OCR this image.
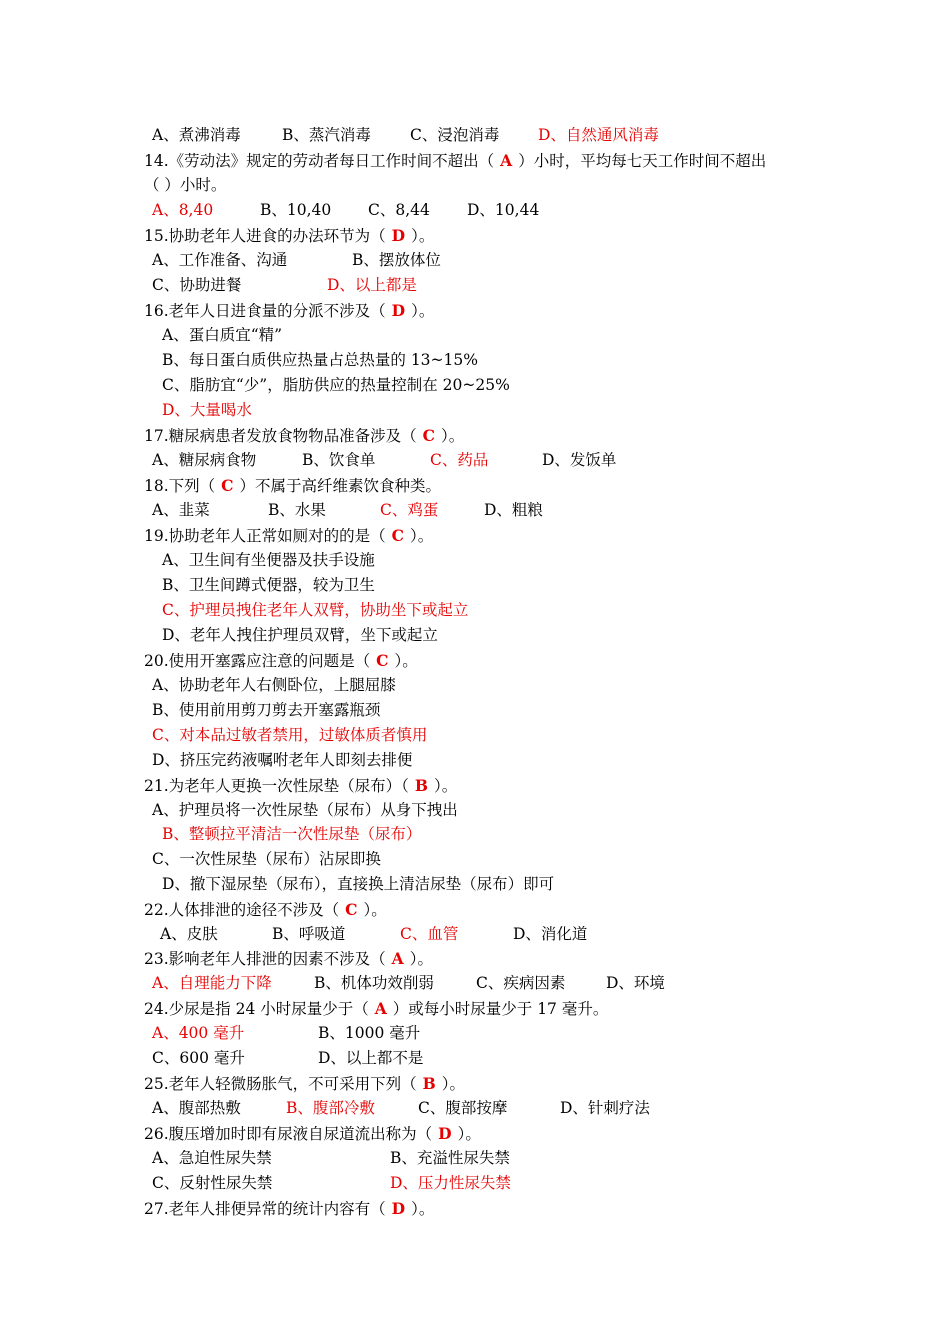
A、煮沸消毒	B、蒸汽消毒	C、浸泡消毒 D、自然通风消毒
14.《劳动法》规定的劳动者每日工作时间不超出（ A ）小时，平均每七天工作时间不超出
（ ）小时。
A、8,40	B、10,40 C、8,44 D、10,44
15.协助老年人进食的办法环节为（ D ）。
A、工作准备、沟通	B、摆放体位
C、协助进餐	D、以上都是
16.老年人日进食量的分派不涉及（ D ）。
A、蛋白质宜“精”
B、每日蛋白质供应热量占总热量的 13~15%
C、脂肪宜“少”，脂肪供应的热量控制在 20~25%
D、大量喝水
17.糖尿病患者发放食物物品准备涉及（ C ）。
A、糖尿病食物	B、饮食单	C、药品	D、发饭单
18.下列（ C ）不属于高纤维素饮食种类。
A、韭菜	B、水果	C、鸡蛋	D、粗粮
19.协助老年人正常如厕对的的是（ C ）。
A、卫生间有坐便器及扶手设施
B、卫生间蹲式便器，较为卫生
C、护理员拽住老年人双臂，协助坐下或起立
D、老年人拽住护理员双臂，坐下或起立
20.使用开塞露应注意的问题是（ C ）。
A、协助老年人右侧卧位，上腿屈膝
B、使用前用剪刀剪去开塞露瓶颈
C、对本品过敏者禁用，过敏体质者慎用
D、挤压完药液嘱咐老年人即刻去排便
21.为老年人更换一次性尿垫（尿布）（ B ）。
A、护理员将一次性尿垫（尿布）从身下拽出
B、整顿拉平清洁一次性尿垫（尿布）
C、一次性尿垫（尿布）沾尿即换
D、撤下湿尿垫（尿布），直接换上清洁尿垫（尿布）即可
22.人体排泄的途径不涉及（ C ）。
A、皮肤	B、呼吸道	C、血管	D、消化道
23.影响老年人排泄的因素不涉及（ A ）。
A、自理能力下降	B、机体功效削弱	C、疾病因素	D、环境
24.少尿是指 24 小时尿量少于（ A ）或每小时尿量少于 17 毫升。
A、400 毫升	B、1000 毫升
C、600 毫升	D、以上都不是
25.老年人轻微肠胀气，不可采用下列（ B ）。
A、腹部热敷	B、腹部冷敷	C、腹部按摩	D、针刺疗法
26.腹压增加时即有尿液自尿道流出称为（ D ）。
A、急迫性尿失禁	B、充溢性尿失禁
C、反射性尿失禁	D、压力性尿失禁
27.老年人排便异常的统计内容有（ D ）。
